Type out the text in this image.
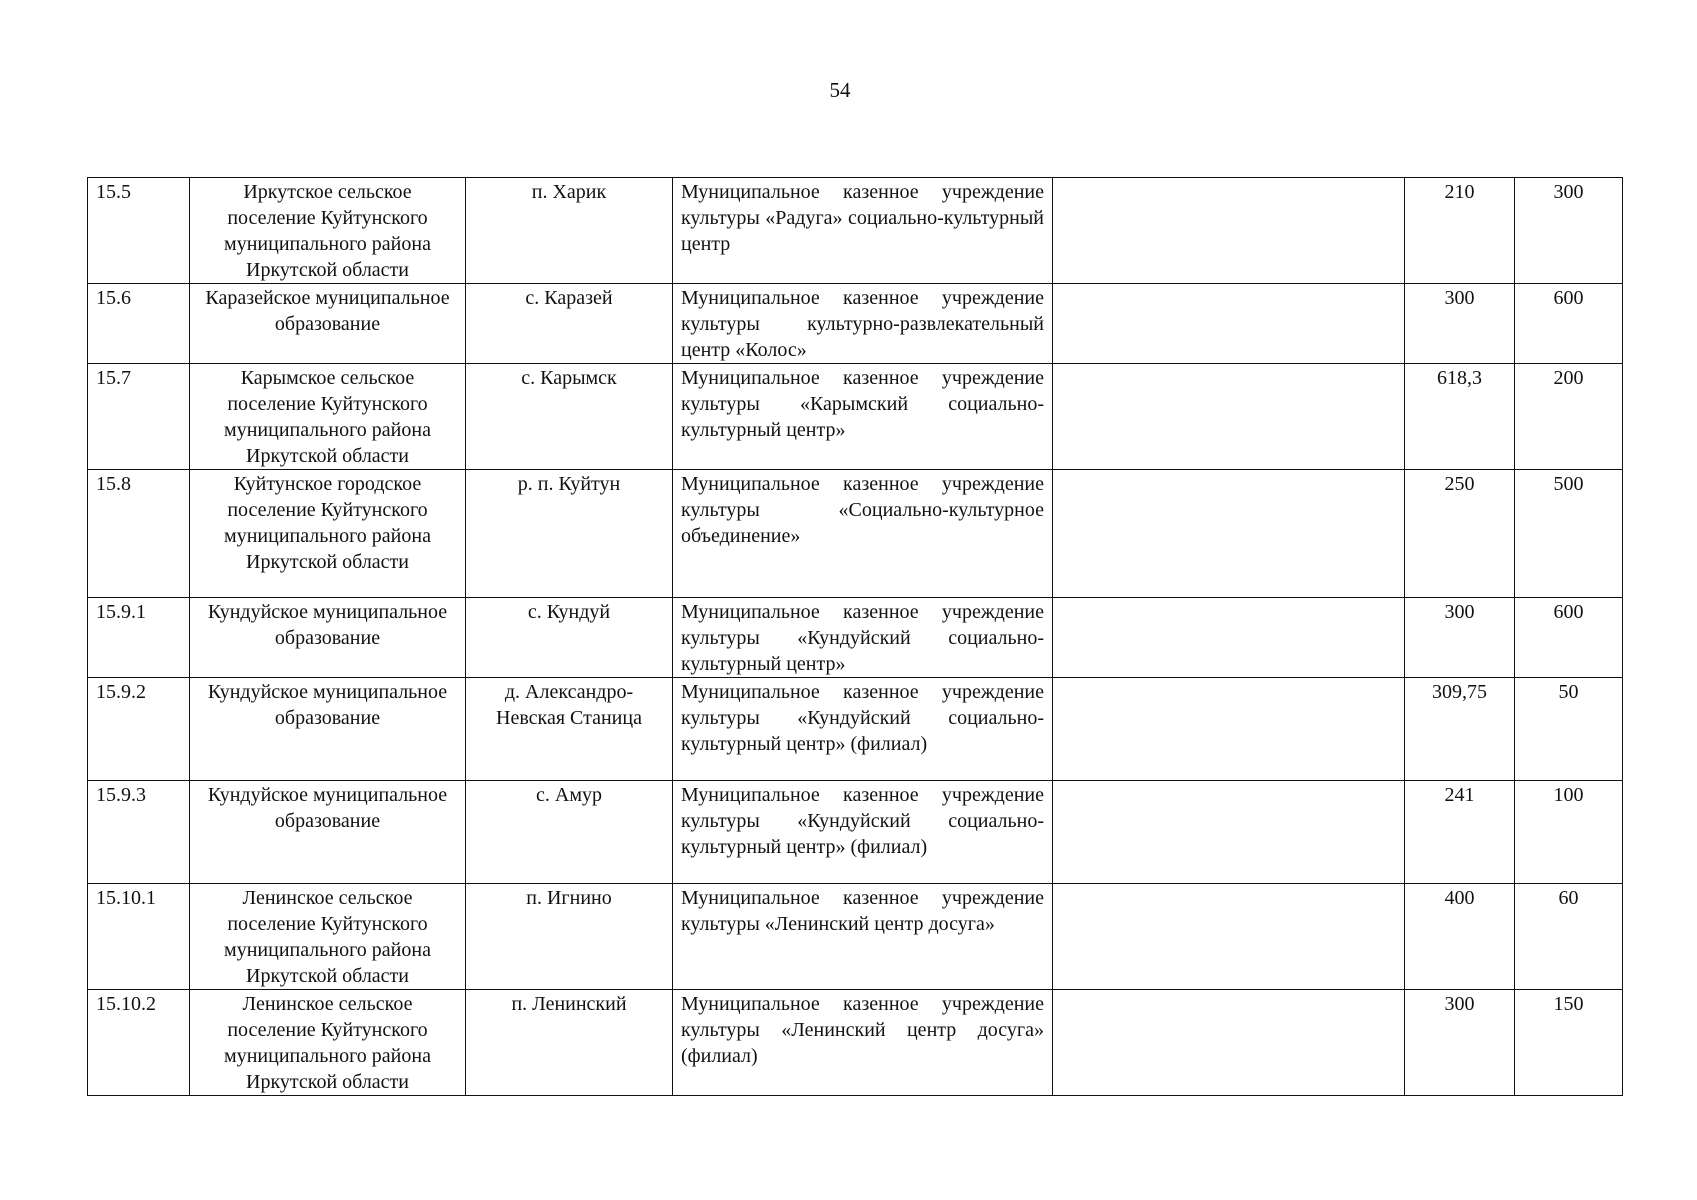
54
15.5	Иркутское сельское поселение Куйтунского муниципального района Иркутской области	п. Харик	Муниципальное казенное учреждение культуры «Радуга» социально-культурный центр		210	300
15.6	Каразейское муниципальное образование	с. Каразей	Муниципальное казенное учреждение культуры культурно-развлекательный центр «Колос»		300	600
15.7	Карымское сельское поселение Куйтунского муниципального района Иркутской области	с. Карымск	Муниципальное казенное учреждение культуры «Карымский социально-культурный центр»		618,3	200
15.8	Куйтунское городское поселение Куйтунского муниципального района Иркутской области	р. п. Куйтун	Муниципальное казенное учреждение культуры «Социально-культурное объединение»		250	500
15.9.1	Кундуйское муниципальное образование	с. Кундуй	Муниципальное казенное учреждение культуры «Кундуйский социально-культурный центр»		300	600
15.9.2	Кундуйское муниципальное образование	д. Александро-Невская Станица	Муниципальное казенное учреждение культуры «Кундуйский социально-культурный центр» (филиал)		309,75	50
15.9.3	Кундуйское муниципальное образование	с. Амур	Муниципальное казенное учреждение культуры «Кундуйский социально-культурный центр» (филиал)		241	100
15.10.1	Ленинское сельское поселение Куйтунского муниципального района Иркутской области	п. Игнино	Муниципальное казенное учреждение культуры «Ленинский центр досуга»		400	60
15.10.2	Ленинское сельское поселение Куйтунского муниципального района Иркутской области	п. Ленинский	Муниципальное казенное учреждение культуры «Ленинский центр досуга» (филиал)		300	150
